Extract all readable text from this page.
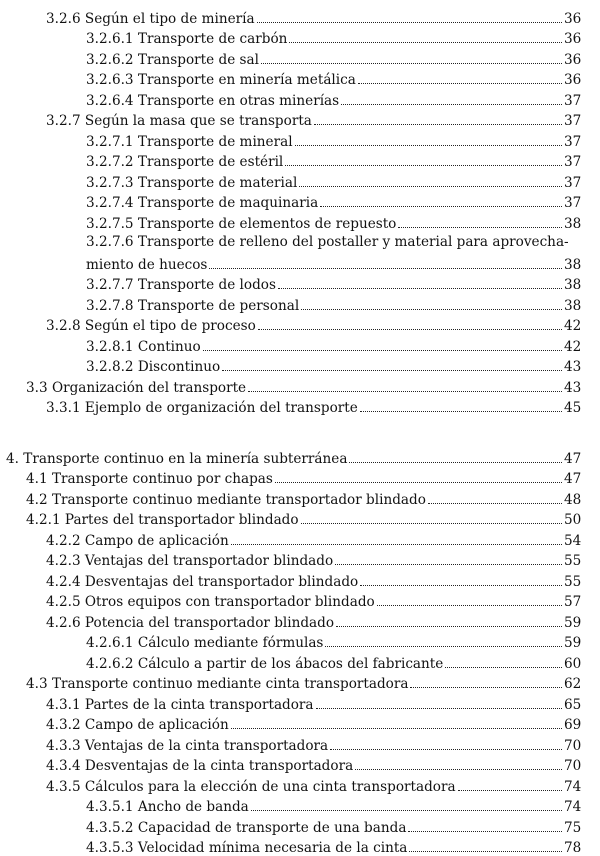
3.2.6 Según el tipo de minería	36
3.2.6.1 Transporte de carbón	36
3.2.6.2 Transporte de sal	36
3.2.6.3 Transporte en minería metálica	36
3.2.6.4 Transporte en otras minerías	37
3.2.7 Según la masa que se transporta	37
3.2.7.1 Transporte de mineral	37
3.2.7.2 Transporte de estéril	37
3.2.7.3 Transporte de material	37
3.2.7.4 Transporte de maquinaria	37
3.2.7.5 Transporte de elementos de repuesto	38
3.2.7.6 Transporte de relleno del postaller y material para aprovecha-
miento de huecos	38
3.2.7.7 Transporte de lodos	38
3.2.7.8 Transporte de personal	38
3.2.8 Según el tipo de proceso	42
3.2.8.1 Continuo	42
3.2.8.2 Discontinuo	43
3.3 Organización del transporte	43
3.3.1 Ejemplo de organización del transporte	45
4. Transporte continuo en la minería subterránea	47
4.1 Transporte continuo por chapas	47
4.2 Transporte continuo mediante transportador blindado	48
4.2.1 Partes del transportador blindado	50
4.2.2 Campo de aplicación	54
4.2.3 Ventajas del transportador blindado	55
4.2.4 Desventajas del transportador blindado	55
4.2.5 Otros equipos con transportador blindado	57
4.2.6 Potencia del transportador blindado	59
4.2.6.1 Cálculo mediante fórmulas	59
4.2.6.2 Cálculo a partir de los ábacos del fabricante	60
4.3 Transporte continuo mediante cinta transportadora	62
4.3.1 Partes de la cinta transportadora	65
4.3.2 Campo de aplicación	69
4.3.3 Ventajas de la cinta transportadora	70
4.3.4 Desventajas de la cinta transportadora	70
4.3.5 Cálculos para la elección de una cinta transportadora	74
4.3.5.1 Ancho de banda	74
4.3.5.2 Capacidad de transporte de una banda	75
4.3.5.3 Velocidad mínima necesaria de la cinta	78
